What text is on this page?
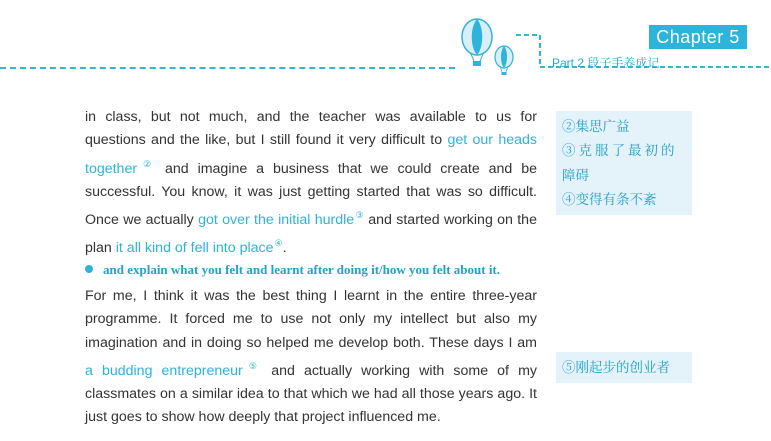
Chapter 5
Part 2 段子手养成记
in class, but not much, and the teacher was available to us for questions and the like, but I still found it very difficult to get our heads together② and imagine a business that we could create and be successful. You know, it was just getting started that was so difficult. Once we actually got over the initial hurdle③ and started working on the plan it all kind of fell into place④.
and explain what you felt and learnt after doing it/how you felt about it.
For me, I think it was the best thing I learnt in the entire three-year programme. It forced me to use not only my intellect but also my imagination and in doing so helped me develop both. These days I am a budding entrepreneur⑤ and actually working with some of my classmates on a similar idea to that which we had all those years ago. It just goes to show how deeply that project influenced me.
②集思广益
③克服了最初的
障碍
④变得有条不紊
⑤刚起步的创业者
